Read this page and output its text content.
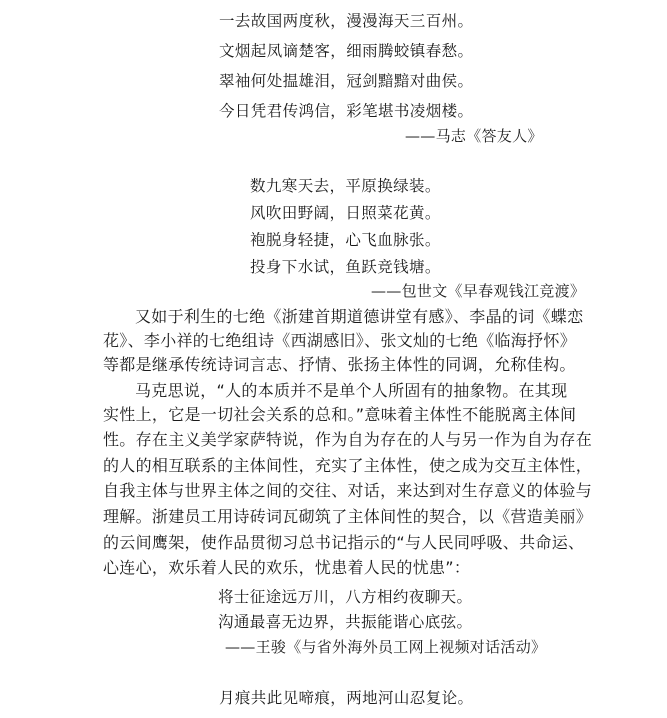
一去故国两度秋，漫漫海天三百州。
文烟起凤谪楚客，细雨腾蛟镇春愁。
翠袖何处揾雄泪，冠剑黯黯对曲侯。
今日凭君传鸿信，彩笔堪书凌烟楼。
——马志《答友人》
数九寒天去，平原换绿装。
风吹田野阔，日照菜花黄。
袍脱身轻捷，心飞血脉张。
投身下水试，鱼跃竞钱塘。
——包世文《早春观钱江竞渡》
又如于利生的七绝《浙建首期道德讲堂有感》、李晶的词《蝶恋
花》、李小祥的七绝组诗《西湖感旧》、张文灿的七绝《临海抒怀》
等都是继承传统诗词言志、抒情、张扬主体性的同调，允称佳构。
马克思说，“人的本质并不是单个人所固有的抽象物。在其现
实性上，它是一切社会关系的总和。”意味着主体性不能脱离主体间
性。存在主义美学家萨特说，作为自为存在的人与另一作为自为存在
的人的相互联系的主体间性，充实了主体性，使之成为交互主体性，
自我主体与世界主体之间的交往、对话，来达到对生存意义的体验与
理解。浙建员工用诗砖词瓦砌筑了主体间性的契合，以《营造美丽》
的云间鹰架，使作品贯彻习总书记指示的“与人民同呼吸、共命运、
心连心，欢乐着人民的欢乐，忧患着人民的忧患”：
将士征途远万川，八方相约夜聊天。
沟通最喜无边界，共振能谐心底弦。
——王骏《与省外海外员工网上视频对话活动》
月痕共此见啼痕，两地河山忍复论。
